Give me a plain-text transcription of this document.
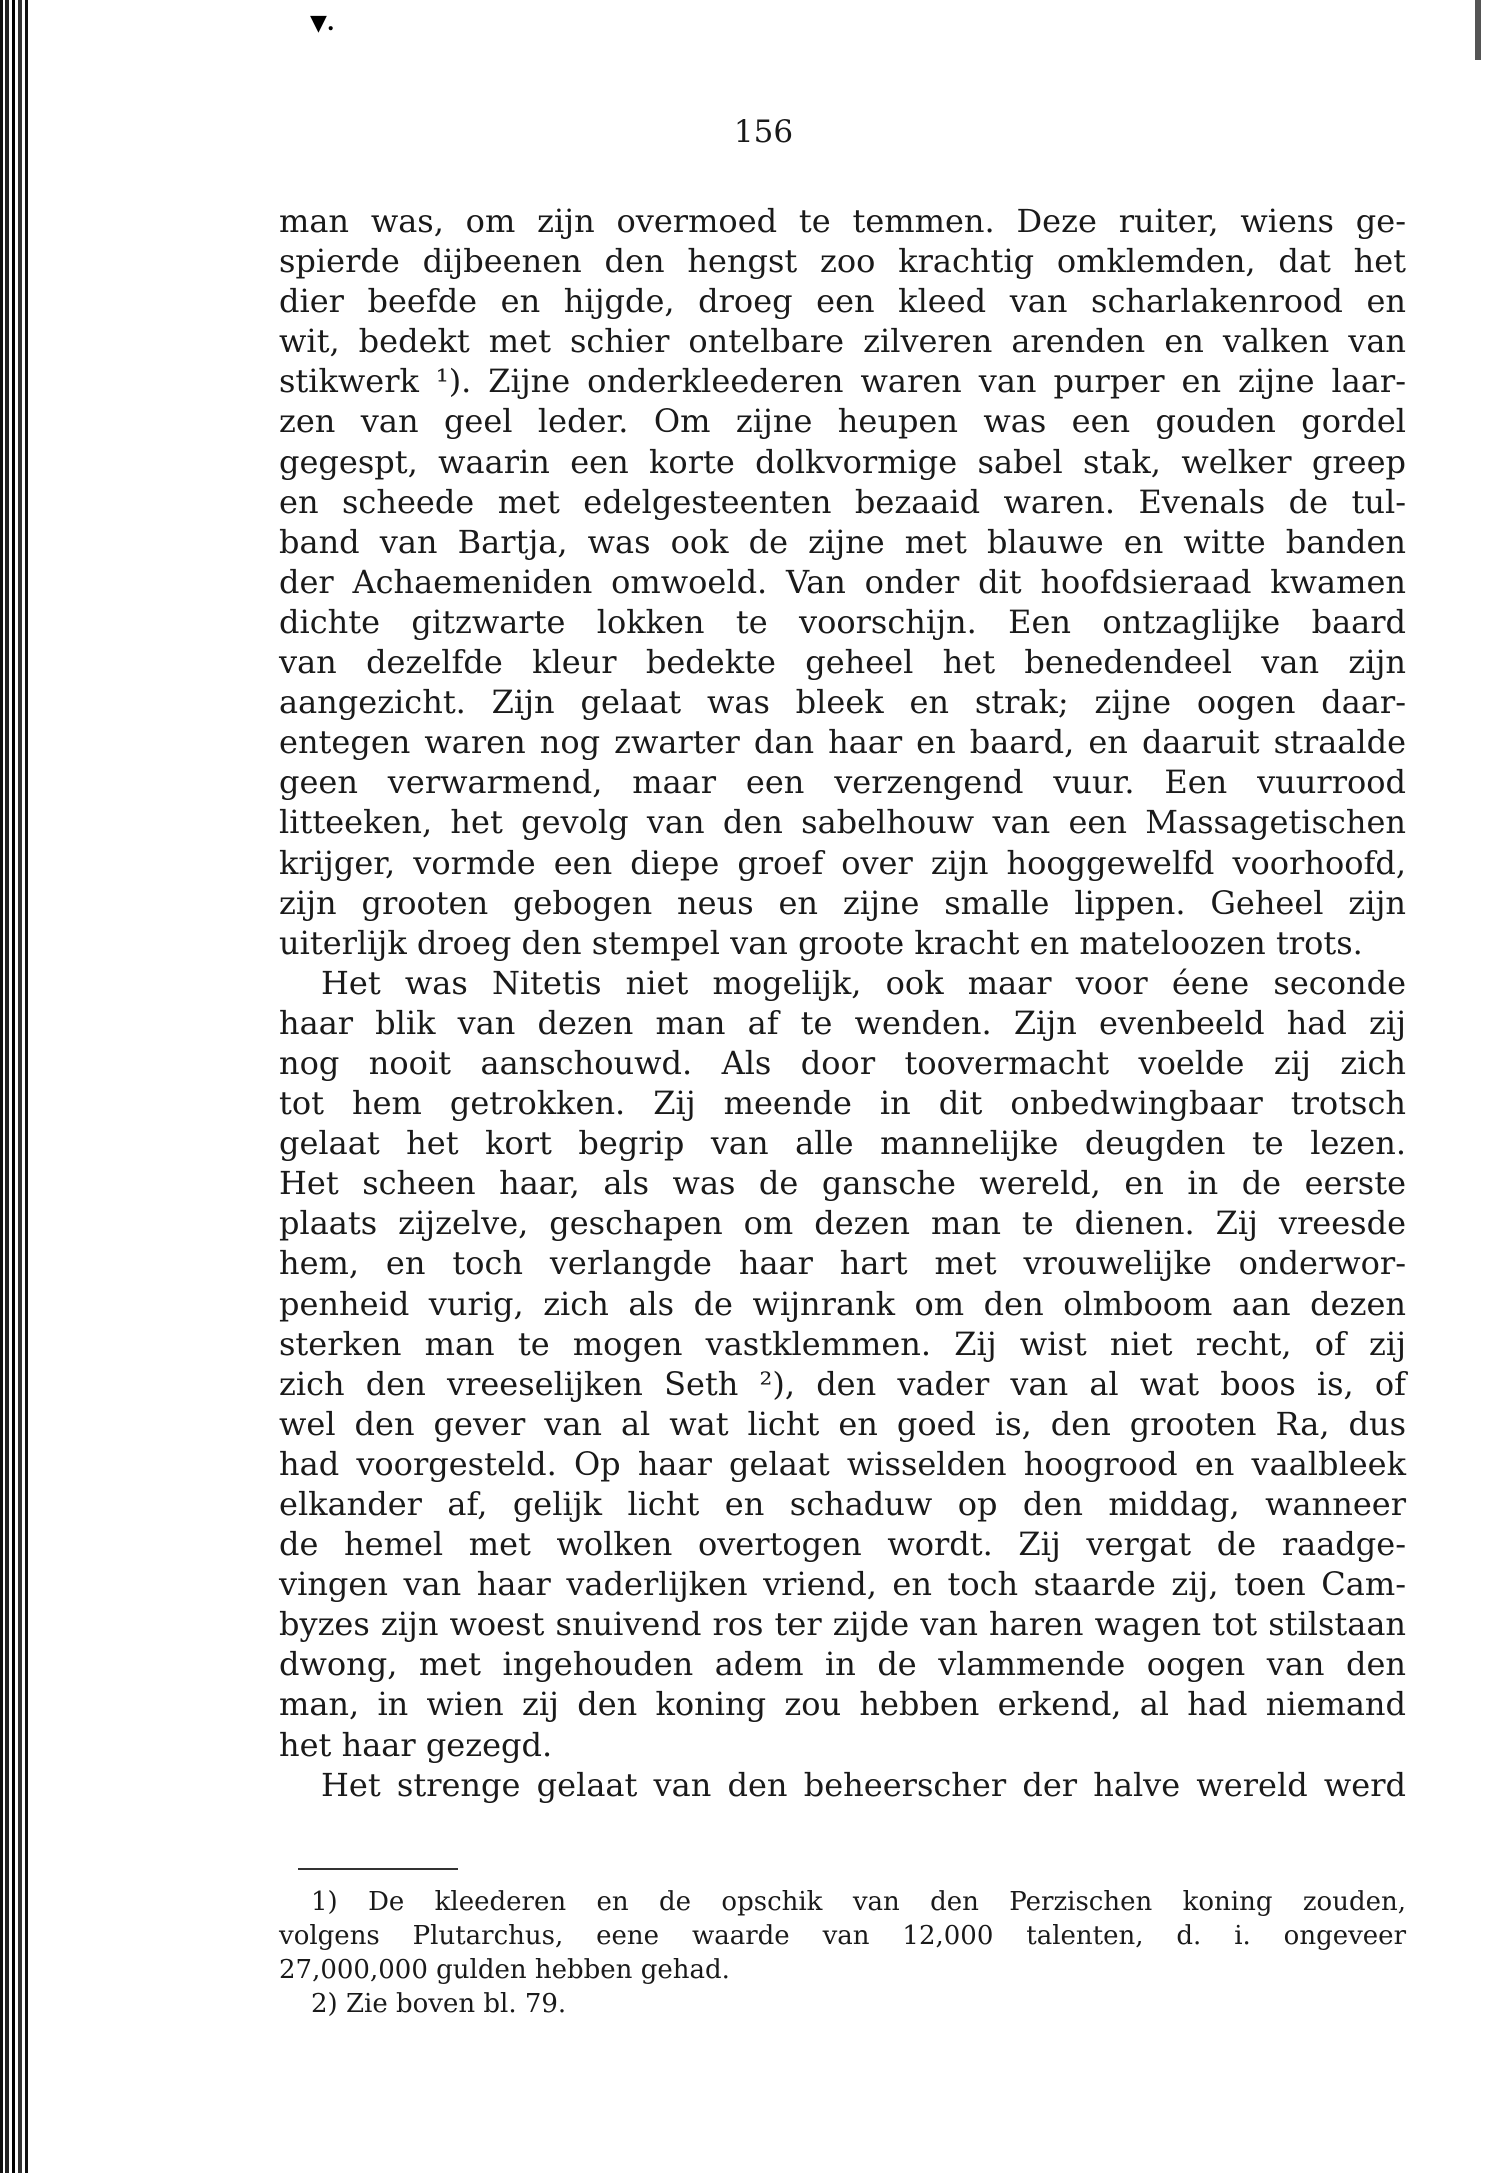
▼.
156
man was, om zijn overmoed te temmen. Deze ruiter, wiens ge-
spierde dijbeenen den hengst zoo krachtig omklemden, dat het
dier beefde en hijgde, droeg een kleed van scharlakenrood en
wit, bedekt met schier ontelbare zilveren arenden en valken van
stikwerk ¹). Zijne onderkleederen waren van purper en zijne laar-
zen van geel leder. Om zijne heupen was een gouden gordel
gegespt, waarin een korte dolkvormige sabel stak, welker greep
en scheede met edelgesteenten bezaaid waren. Evenals de tul-
band van Bartja, was ook de zijne met blauwe en witte banden
der Achaemeniden omwoeld. Van onder dit hoofdsieraad kwamen
dichte gitzwarte lokken te voorschijn. Een ontzaglijke baard
van dezelfde kleur bedekte geheel het benedendeel van zijn
aangezicht. Zijn gelaat was bleek en strak; zijne oogen daar-
entegen waren nog zwarter dan haar en baard, en daaruit straalde
geen verwarmend, maar een verzengend vuur. Een vuurrood
litteeken, het gevolg van den sabelhouw van een Massagetischen
krijger, vormde een diepe groef over zijn hooggewelfd voorhoofd,
zijn grooten gebogen neus en zijne smalle lippen. Geheel zijn
uiterlijk droeg den stempel van groote kracht en mateloozen trots.
Het was Nitetis niet mogelijk, ook maar voor éene seconde
haar blik van dezen man af te wenden. Zijn evenbeeld had zij
nog nooit aanschouwd. Als door toovermacht voelde zij zich
tot hem getrokken. Zij meende in dit onbedwingbaar trotsch
gelaat het kort begrip van alle mannelijke deugden te lezen.
Het scheen haar, als was de gansche wereld, en in de eerste
plaats zijzelve, geschapen om dezen man te dienen. Zij vreesde
hem, en toch verlangde haar hart met vrouwelijke onderwor-
penheid vurig, zich als de wijnrank om den olmboom aan dezen
sterken man te mogen vastklemmen. Zij wist niet recht, of zij
zich den vreeselijken Seth ²), den vader van al wat boos is, of
wel den gever van al wat licht en goed is, den grooten Ra, dus
had voorgesteld. Op haar gelaat wisselden hoogrood en vaalbleek
elkander af, gelijk licht en schaduw op den middag, wanneer
de hemel met wolken overtogen wordt. Zij vergat de raadge-
vingen van haar vaderlijken vriend, en toch staarde zij, toen Cam-
byzes zijn woest snuivend ros ter zijde van haren wagen tot stilstaan
dwong, met ingehouden adem in de vlammende oogen van den
man, in wien zij den koning zou hebben erkend, al had niemand
het haar gezegd.
Het strenge gelaat van den beheerscher der halve wereld werd
1) De kleederen en de opschik van den Perzischen koning zouden,
volgens Plutarchus, eene waarde van 12,000 talenten, d. i. ongeveer
27,000,000 gulden hebben gehad.
2) Zie boven bl. 79.
